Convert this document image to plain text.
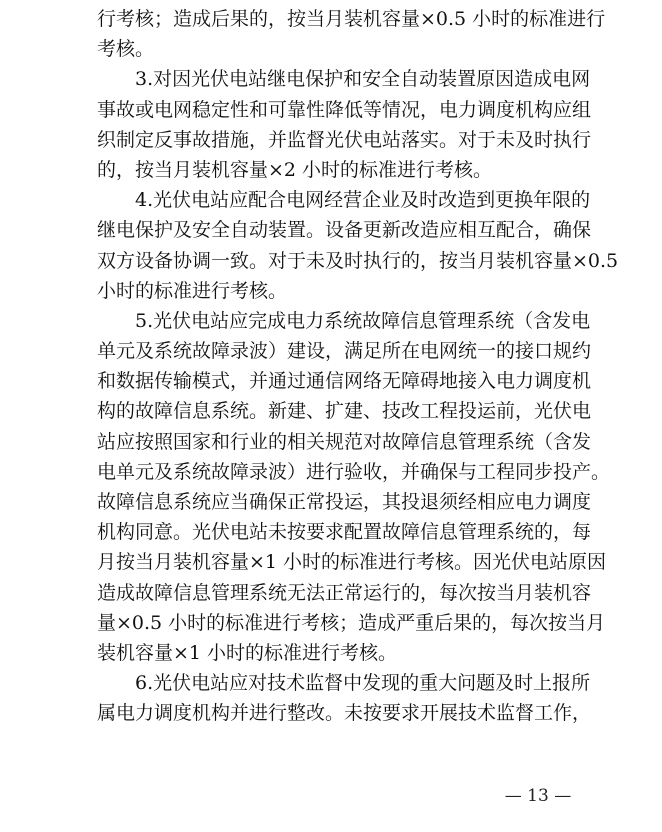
行考核；造成后果的，按当月装机容量×0.5 小时的标准进行
考核。
3.对因光伏电站继电保护和安全自动装置原因造成电网
事故或电网稳定性和可靠性降低等情况，电力调度机构应组
织制定反事故措施，并监督光伏电站落实。对于未及时执行
的，按当月装机容量×2 小时的标准进行考核。
4.光伏电站应配合电网经营企业及时改造到更换年限的
继电保护及安全自动装置。设备更新改造应相互配合，确保
双方设备协调一致。对于未及时执行的，按当月装机容量×0.5
小时的标准进行考核。
5.光伏电站应完成电力系统故障信息管理系统（含发电
单元及系统故障录波）建设，满足所在电网统一的接口规约
和数据传输模式，并通过通信网络无障碍地接入电力调度机
构的故障信息系统。新建、扩建、技改工程投运前，光伏电
站应按照国家和行业的相关规范对故障信息管理系统（含发
电单元及系统故障录波）进行验收，并确保与工程同步投产。
故障信息系统应当确保正常投运，其投退须经相应电力调度
机构同意。光伏电站未按要求配置故障信息管理系统的，每
月按当月装机容量×1 小时的标准进行考核。因光伏电站原因
造成故障信息管理系统无法正常运行的，每次按当月装机容
量×0.5 小时的标准进行考核；造成严重后果的，每次按当月
装机容量×1 小时的标准进行考核。
6.光伏电站应对技术监督中发现的重大问题及时上报所
属电力调度机构并进行整改。未按要求开展技术监督工作，
— 13 —
